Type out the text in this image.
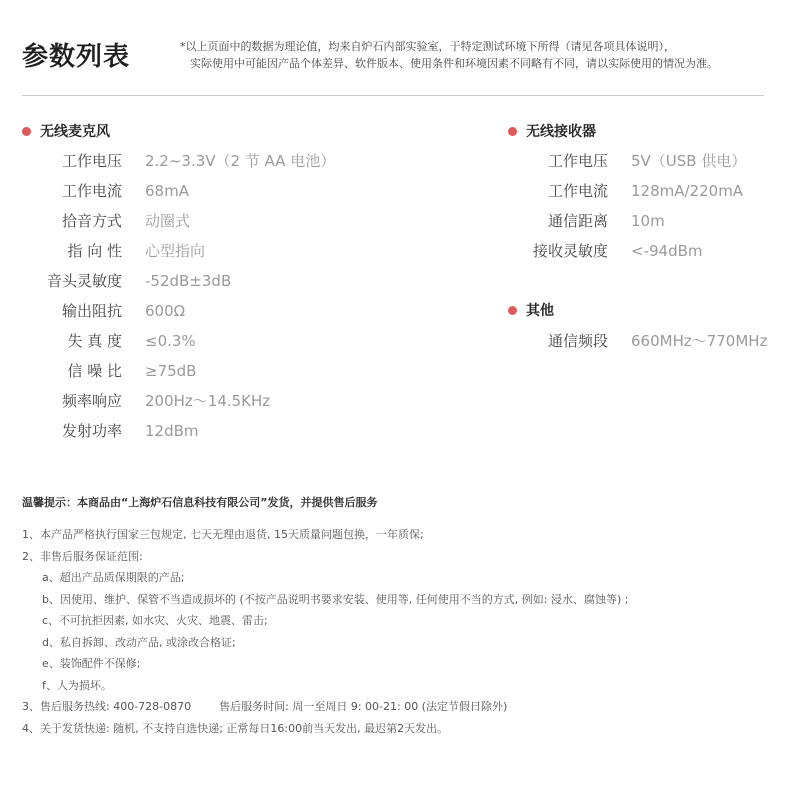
参数列表	*以上页面中的数据为理论值，均来自炉石内部实验室，于特定测试环境下所得（请见各项具体说明），
实际使用中可能因产品个体差异、软件版本、使用条件和环境因素不同略有不同，请以实际使用的情况为准。
无线麦克风
工作电压 2.2~3.3V（2 节 AA 电池）
工作电流 68mA
拾音方式 动圈式
指 向 性 心型指向
音头灵敏度 -52dB±3dB
输出阻抗 600Ω
失 真 度 ≤0.3%
信 噪 比 ≥75dB
频率响应 200Hz～14.5KHz
发射功率 12dBm
无线接收器
工作电压 5V（USB 供电）
工作电流 128mA/220mA
通信距离 10m
接收灵敏度 <-94dBm
其他
通信频段 660MHz～770MHz
温馨提示：本商品由“上海炉石信息科技有限公司”发货，并提供售后服务
1、本产品严格执行国家三包规定, 七天无理由退货, 15天质量问题包换，一年质保;
2、非售后服务保证范围:
a、超出产品质保期限的产品;
b、因使用、维护、保管不当造成损坏的 (不按产品说明书要求安装、使用等, 任何使用不当的方式, 例如: 浸水、腐蚀等) ;
c、不可抗拒因素, 如水灾、火灾、地震、雷击;
d、私自拆卸、改动产品, 或涂改合格证;
e、装饰配件不保修;
f、人为损坏。
3、售后服务热线: 400-728-0870	售后服务时间: 周一至周日 9: 00-21: 00 (法定节假日除外)
4、关于发货快递: 随机, 不支持自选快递; 正常每日16:00前当天发出, 最迟第2天发出。
